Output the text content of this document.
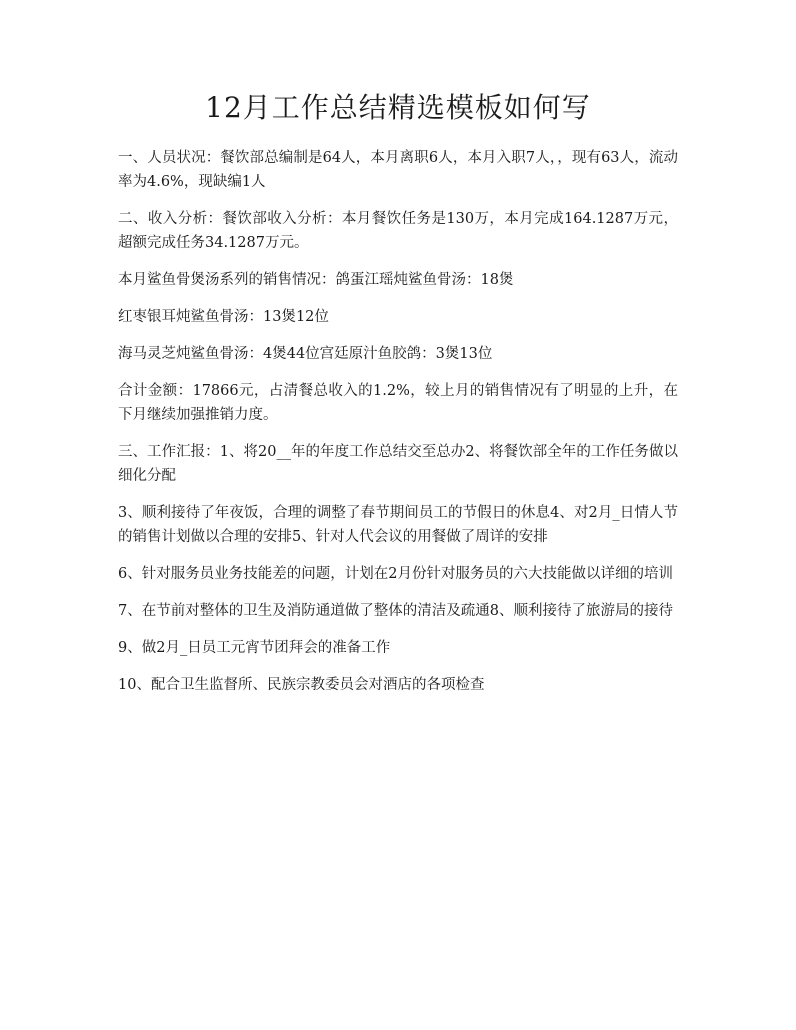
12月工作总结精选模板如何写

一、人员状况：餐饮部总编制是64人，本月离职6人，本月入职7人，，现有63人，流动率为4.6%，现缺编1人

二、收入分析：餐饮部收入分析：本月餐饮任务是130万，本月完成164.1287万元，超额完成任务34.1287万元。

本月鲨鱼骨煲汤系列的销售情况：鸽蛋江瑶炖鲨鱼骨汤：18煲

红枣银耳炖鲨鱼骨汤：13煲12位

海马灵芝炖鲨鱼骨汤：4煲44位宫廷原汁鱼胶鸽：3煲13位

合计金额：17866元，占清餐总收入的1.2%，较上月的销售情况有了明显的上升，在下月继续加强推销力度。

三、工作汇报：1、将20__年的年度工作总结交至总办2、将餐饮部全年的工作任务做以细化分配

3、顺利接待了年夜饭，合理的调整了春节期间员工的节假日的休息4、对2月_日情人节的销售计划做以合理的安排5、针对人代会议的用餐做了周详的安排

6、针对服务员业务技能差的问题，计划在2月份针对服务员的六大技能做以详细的培训

7、在节前对整体的卫生及消防通道做了整体的清洁及疏通8、顺利接待了旅游局的接待

9、做2月_日员工元宵节团拜会的准备工作

10、配合卫生监督所、民族宗教委员会对酒店的各项检查
